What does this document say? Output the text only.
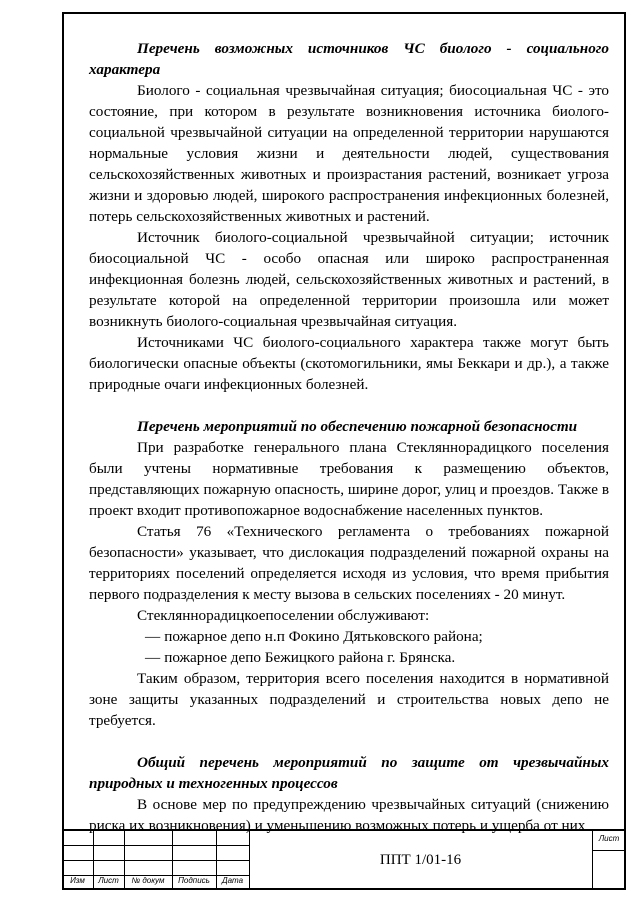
Перечень возможных источников ЧС биолого - социального характера

Биолого - социальная чрезвычайная ситуация; биосоциальная ЧС - это состояние, при котором в результате возникновения источника биолого-социальной чрезвычайной ситуации на определенной территории нарушаются нормальные условия жизни и деятельности людей, существования сельскохозяйственных животных и произрастания растений, возникает угроза жизни и здоровью людей, широкого распространения инфекционных болезней, потерь сельскохозяйственных животных и растений.

Источник биолого-социальной чрезвычайной ситуации; источник биосоциальной ЧС - особо опасная или широко распространенная инфекционная болезнь людей, сельскохозяйственных животных и растений, в результате которой на определенной территории произошла или может возникнуть биолого-социальная чрезвычайная ситуация.

Источниками ЧС биолого-социального характера также могут быть биологически опасные объекты (скотомогильники, ямы Беккари и др.), а также природные очаги инфекционных болезней.

Перечень мероприятий по обеспечению пожарной безопасности

При разработке генерального плана Стекляннорадицкого поселения были учтены нормативные требования к размещению объектов, представляющих пожарную опасность, ширине дорог, улиц и проездов. Также в проект входит противопожарное водоснабжение населенных пунктов.

Статья 76 «Технического регламента о требованиях пожарной безопасности» указывает, что дислокация подразделений пожарной охраны на территориях поселений определяется исходя из условия, что время прибытия первого подразделения к месту вызова в сельских поселениях - 20 минут.

Стекляннорадицкоепоселении обслуживают:

— пожарное депо н.п Фокино Дятьковского района;

— пожарное депо Бежицкого района г. Брянска.

Таким образом, территория всего поселения находится в нормативной зоне защиты указанных подразделений и строительства новых депо не требуется.

Общий перечень мероприятий по защите от чрезвычайных природных и техногенных процессов

В основе мер по предупреждению чрезвычайных ситуаций (снижению риска их возникновения) и уменьшению возможных потерь и ущерба от них

Изм	Лист	№ докум	Подпись	Дата
ППТ 1/01-16
Лист
